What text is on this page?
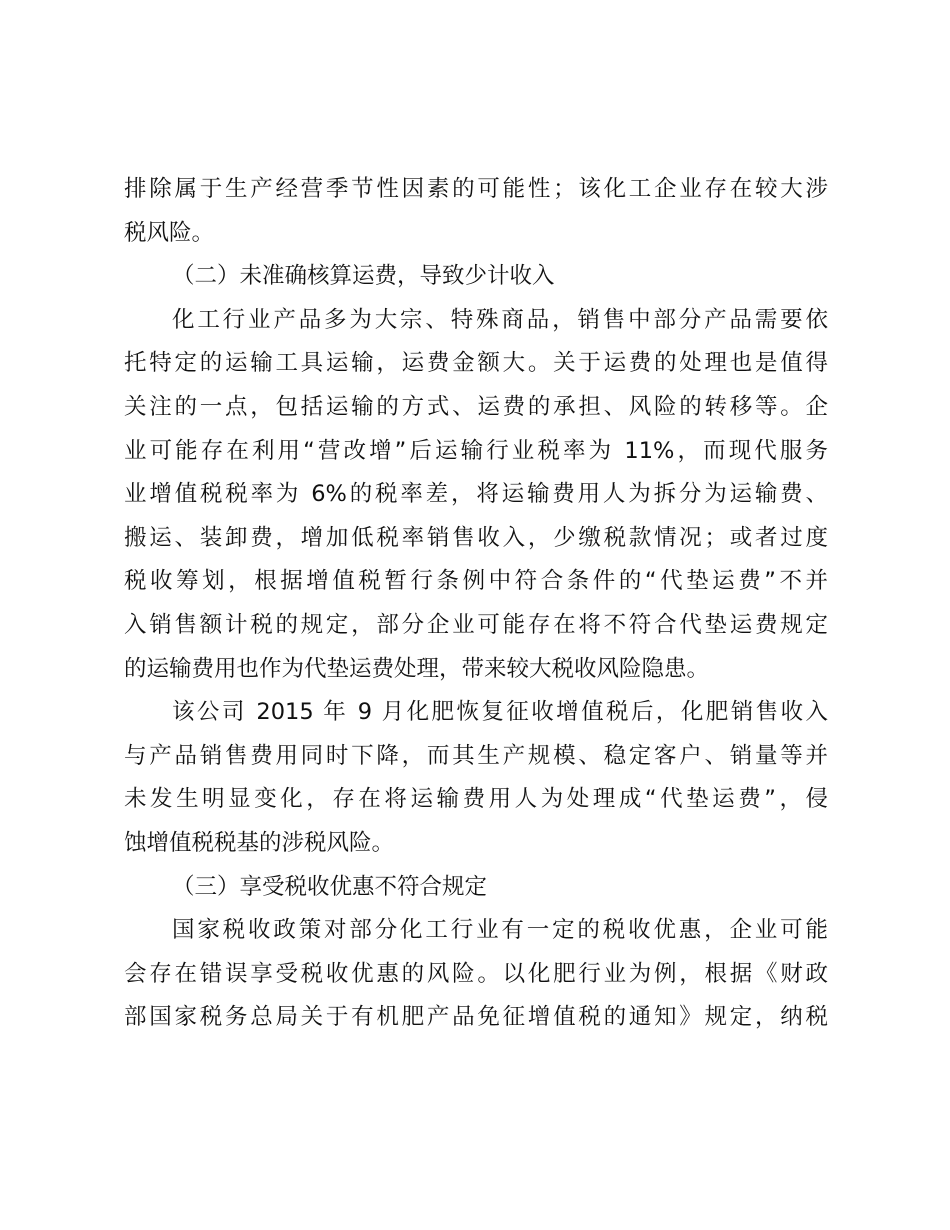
排除属于生产经营季节性因素的可能性；该化工企业存在较大涉
税风险。
（二）未准确核算运费，导致少计收入
化工行业产品多为大宗、特殊商品，销售中部分产品需要依
托特定的运输工具运输，运费金额大。关于运费的处理也是值得
关注的一点，包括运输的方式、运费的承担、风险的转移等。企
业可能存在利用“营改增”后运输行业税率为 11%，而现代服务
业增值税税率为 6%的税率差，将运输费用人为拆分为运输费、
搬运、装卸费，增加低税率销售收入，少缴税款情况；或者过度
税收筹划，根据增值税暂行条例中符合条件的“代垫运费”不并
入销售额计税的规定，部分企业可能存在将不符合代垫运费规定
的运输费用也作为代垫运费处理，带来较大税收风险隐患。
该公司 2015 年 9 月化肥恢复征收增值税后，化肥销售收入
与产品销售费用同时下降，而其生产规模、稳定客户、销量等并
未发生明显变化，存在将运输费用人为处理成“代垫运费”，侵
蚀增值税税基的涉税风险。
（三）享受税收优惠不符合规定
国家税收政策对部分化工行业有一定的税收优惠，企业可能
会存在错误享受税收优惠的风险。以化肥行业为例，根据《财政
部国家税务总局关于有机肥产品免征增值税的通知》规定，纳税
